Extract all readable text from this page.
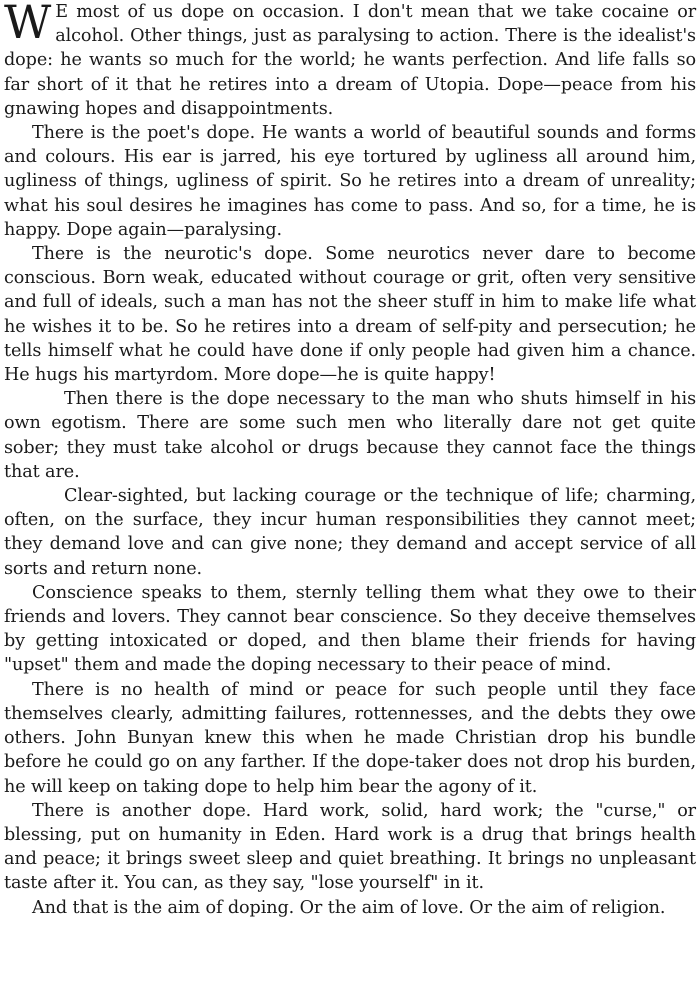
W E most of us dope on occasion. I don't mean that we take cocaine or alcohol. Other things, just as paralysing to action. There is the idealist's dope: he wants so much for the world; he wants perfection. And life falls so far short of it that he retires into a dream of Utopia. Dope—peace from his gnawing hopes and disappointments.

There is the poet's dope. He wants a world of beautiful sounds and forms and colours. His ear is jarred, his eye tortured by ugliness all around him, ugliness of things, ugliness of spirit. So he retires into a dream of unreality; what his soul desires he imagines has come to pass. And so, for a time, he is happy. Dope again—paralysing.

There is the neurotic's dope. Some neurotics never dare to become conscious. Born weak, educated without courage or grit, often very sensitive and full of ideals, such a man has not the sheer stuff in him to make life what he wishes it to be. So he retires into a dream of self-pity and persecution; he tells himself what he could have done if only people had given him a chance. He hugs his martyrdom. More dope—he is quite happy!

Then there is the dope necessary to the man who shuts himself in his own egotism. There are some such men who literally dare not get quite sober; they must take alcohol or drugs because they cannot face the things that are.

Clear-sighted, but lacking courage or the technique of life; charming, often, on the surface, they incur human responsibilities they cannot meet; they demand love and can give none; they demand and accept service of all sorts and return none.

Conscience speaks to them, sternly telling them what they owe to their friends and lovers. They cannot bear conscience. So they deceive themselves by getting intoxicated or doped, and then blame their friends for having "upset" them and made the doping necessary to their peace of mind.

There is no health of mind or peace for such people until they face themselves clearly, admitting failures, rottennesses, and the debts they owe others. John Bunyan knew this when he made Christian drop his bundle before he could go on any farther. If the dope-taker does not drop his burden, he will keep on taking dope to help him bear the agony of it.

There is another dope. Hard work, solid, hard work; the "curse," or blessing, put on humanity in Eden. Hard work is a drug that brings health and peace; it brings sweet sleep and quiet breathing. It brings no unpleasant taste after it. You can, as they say, "lose yourself" in it.

And that is the aim of doping. Or the aim of love. Or the aim of religion.
